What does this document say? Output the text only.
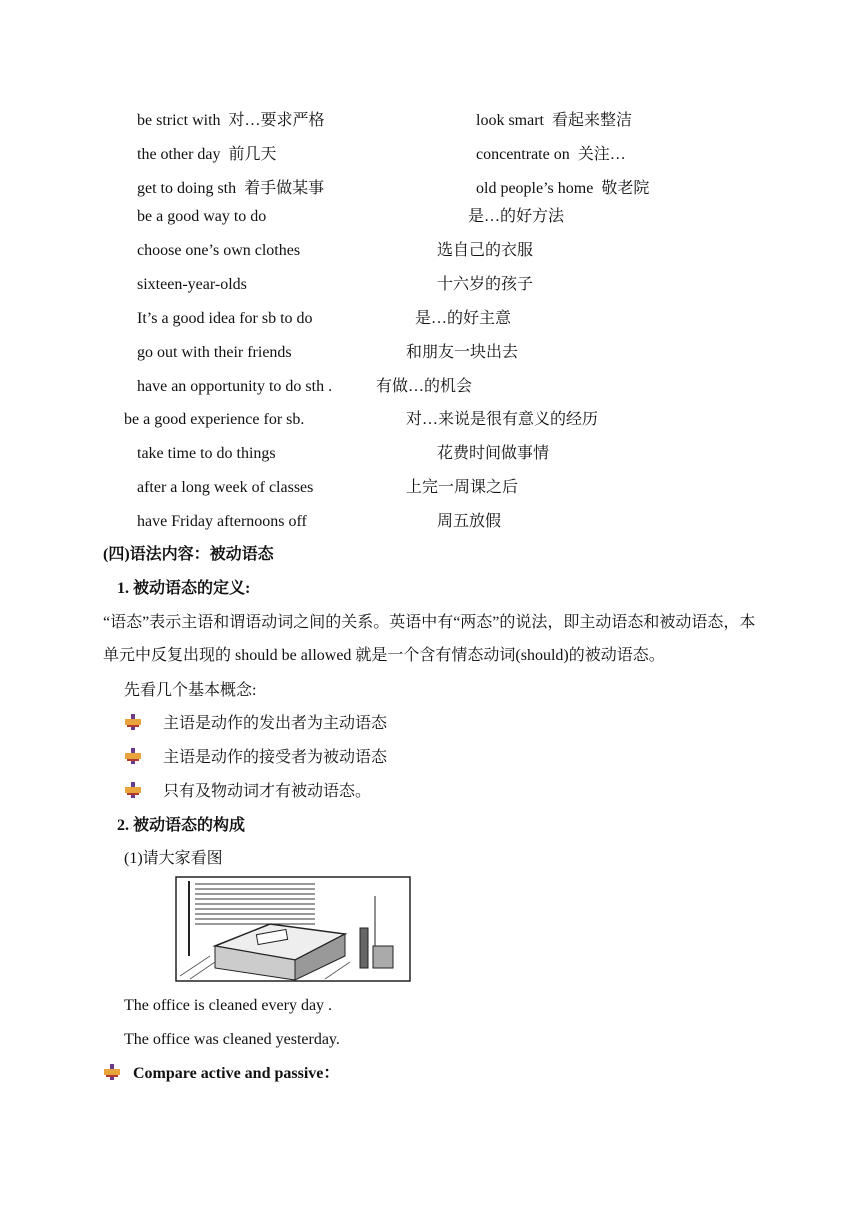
be strict with 对…要求严格	look smart 看起来整洁
the other day 前几天	concentrate on 关注…
get to doing sth 着手做某事	old people’s home 敬老院
be a good way to do	是…的好方法
choose one’s own clothes	选自己的衣服
sixteen-year-olds	十六岁的孩子
It’s a good idea for sb to do	是…的好主意
go out with their friends	和朋友一块出去
have an opportunity to do sth .	有做…的机会
be a good experience for sb.	对…来说是很有意义的经历
take time to do things	花费时间做事情
after a long week of classes	上完一周课之后
have Friday afternoons off	周五放假
(四)语法内容：被动语态
1. 被动语态的定义:
“语态”表示主语和谓语动词之间的关系。英语中有“两态”的说法，即主动语态和被动语态，本单元中反复出现的 should be allowed 就是一个含有情态动词(should)的被动语态。
先看几个基本概念:
主语是动作的发出者为主动语态
主语是动作的接受者为被动语态
只有及物动词才有被动语态。
2. 被动语态的构成
(1)请大家看图
The office is cleaned every day .
The office was cleaned yesterday.
Compare active and passive：
